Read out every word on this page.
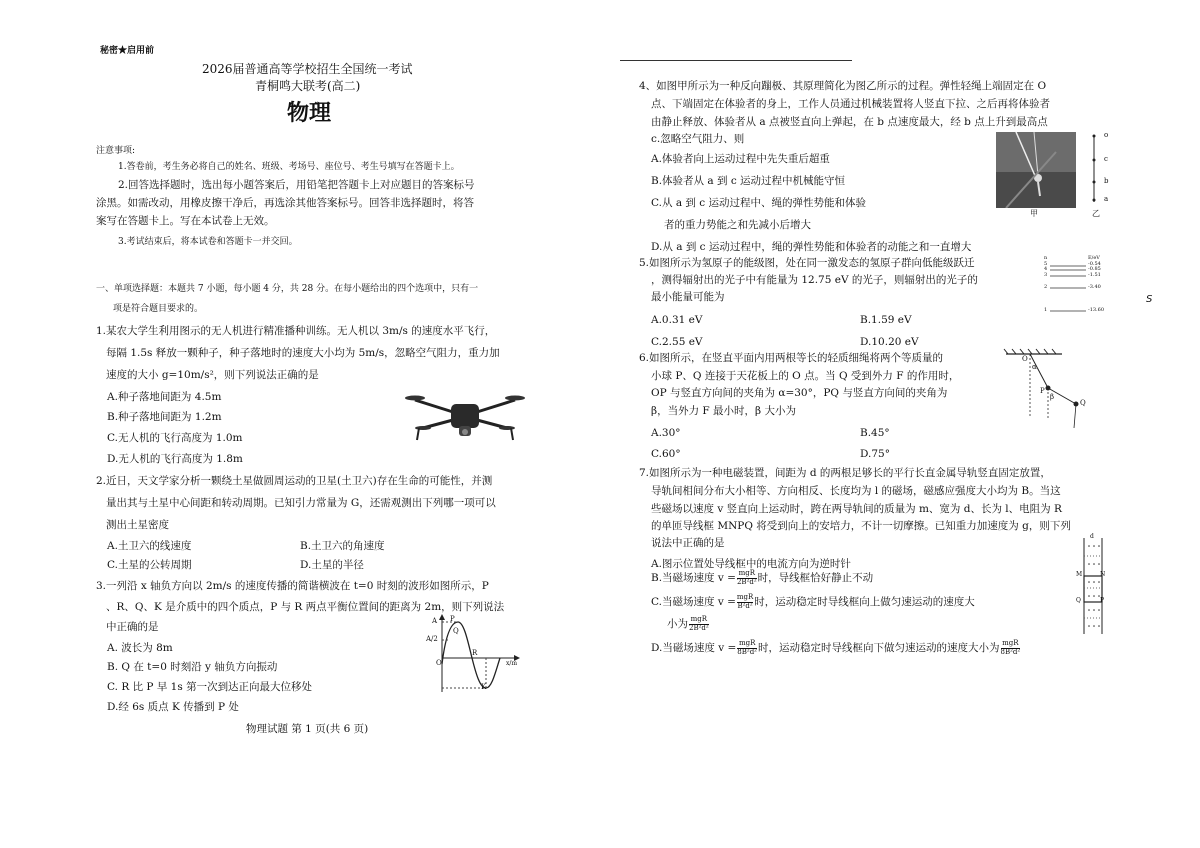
秘密★启用前
2026届普通高等学校招生全国统一考试
青桐鸣大联考(高二)
物理
注意事项:
1.答卷前，考生务必将自己的姓名、班级、考场号、座位号、考生号填写在答题卡上。
2.回答选择题时，选出每小题答案后，用铅笔把答题卡上对应题目的答案标号
涂黑。如需改动，用橡皮擦干净后，再选涂其他答案标号。回答非选择题时，将答
案写在答题卡上。写在本试卷上无效。
3.考试结束后，将本试卷和答题卡一并交回。
一、单项选择题：本题共 7 小题，每小题 4 分，共 28 分。在每小题给出的四个选项中，只有一
项是符合题目要求的。
1.某农大学生利用图示的无人机进行精准播种训练。无人机以 3m/s 的速度水平飞行，
每隔 1.5s 释放一颗种子，种子落地时的速度大小均为 5m/s，忽略空气阻力，重力加
速度的大小 g=10m/s²，则下列说法正确的是
A.种子落地间距为 4.5m
B.种子落地间距为 1.2m
C.无人机的飞行高度为 1.0m
D.无人机的飞行高度为 1.8m
2.近日，天文学家分析一颗绕土星做圆周运动的卫星(土卫六)存在生命的可能性，并测
量出其与土星中心间距和转动周期。已知引力常量为 G，还需观测出下列哪一项可以
测出土星密度
A.土卫六的线速度	B.土卫六的角速度
C.土星的公转周期	D.土星的半径
3.一列沿 x 轴负方向以 2m/s 的速度传播的简谐横波在 t=0 时刻的波形如图所示，P
、R、Q、K 是介质中的四个质点，P 与 R 两点平衡位置间的距离为 2m，则下列说法
中正确的是
A. 波长为 8m
B. Q 在 t=0 时刻沿 y 轴负方向振动
C. R 比 P 早 1s 第一次到达正向最大位移处
D.经 6s 质点 K 传播到 P 处
A
A/2
P
Q
O	x/m
R
K
物理试题 第 1 页(共 6 页)
4、如图甲所示为一种反向蹦极、其原理简化为图乙所示的过程。弹性轻绳上端固定在 O
点、下端固定在体验者的身上，工作人员通过机械装置将人竖直下拉、之后再将体验者
由静止释放、体验者从 a 点被竖直向上弹起，在 b 点速度最大，经 b 点上升到最高点
c.忽略空气阻力、则
A.体验者向上运动过程中先失重后超重
B.体验者从 a 到 c 运动过程中机械能守恒
C.从 a 到 c 运动过程中、绳的弹性势能和体验
者的重力势能之和先减小后增大
D.从 a 到 c 运动过程中，绳的弹性势能和体验者的动能之和一直增大
o
c
b
a
甲	乙
5.如图所示为氢原子的能级图，处在同一激发态的氢原子群向低能级跃迁
，测得辐射出的光子中有能量为 12.75 eV 的光子，则辐射出的光子的
最小能量可能为
A.0.31 eV	B.1.59 eV
C.2.55 eV	D.10.20 eV
n
5
4
3
2
1
E/eV
-0.54
-0.85
-1.51
-3.40
-13.60
S
6.如图所示，在竖直平面内用两根等长的轻质细绳将两个等质量的
小球 P、Q 连接于天花板上的 O 点。当 Q 受到外力 F 的作用时，
OP 与竖直方向间的夹角为 α=30°，PQ 与竖直方向间的夹角为
β，当外力 F 最小时，β 大小为
A.30°	B.45°
C.60°	D.75°
O
α
P
β
Q
7.如图所示为一种电磁装置，间距为 d 的两根足够长的平行长直金属导轨竖直固定放置，
导轨间相间分布大小相等、方向相反、长度均为 l 的磁场，磁感应强度大小均为 B。当这
些磁场以速度 v 竖直向上运动时，跨在两导轨间的质量为 m、宽为 d、长为 l、电阻为 R
的单匝导线框 MNPQ 将受到向上的安培力，不计一切摩擦。已知重力加速度为 g，则下列
说法中正确的是
A.图示位置处导线框中的电流方向为逆时针
B.当磁场速度 $v = \frac{\text{mgR}}{\text{2B²d²}}$ 时，导线框恰好静止不动
C.当磁场速度 $v = \frac{\text{mgR}}{\text{B²d²}}$ 时，运动稳定时导线框向上做匀速运动的速度大
小为 $\frac{\text{mgR}}{\text{2B²d²}}$
D.当磁场速度 $v = \frac{\text{mgR}}{\text{8B²d²}}$ 时，运动稳定时导线框向下做匀速运动的速度大小为 $\frac{\text{mgR}}{\text{8B²d²}}$
d
M	N
Q	P
